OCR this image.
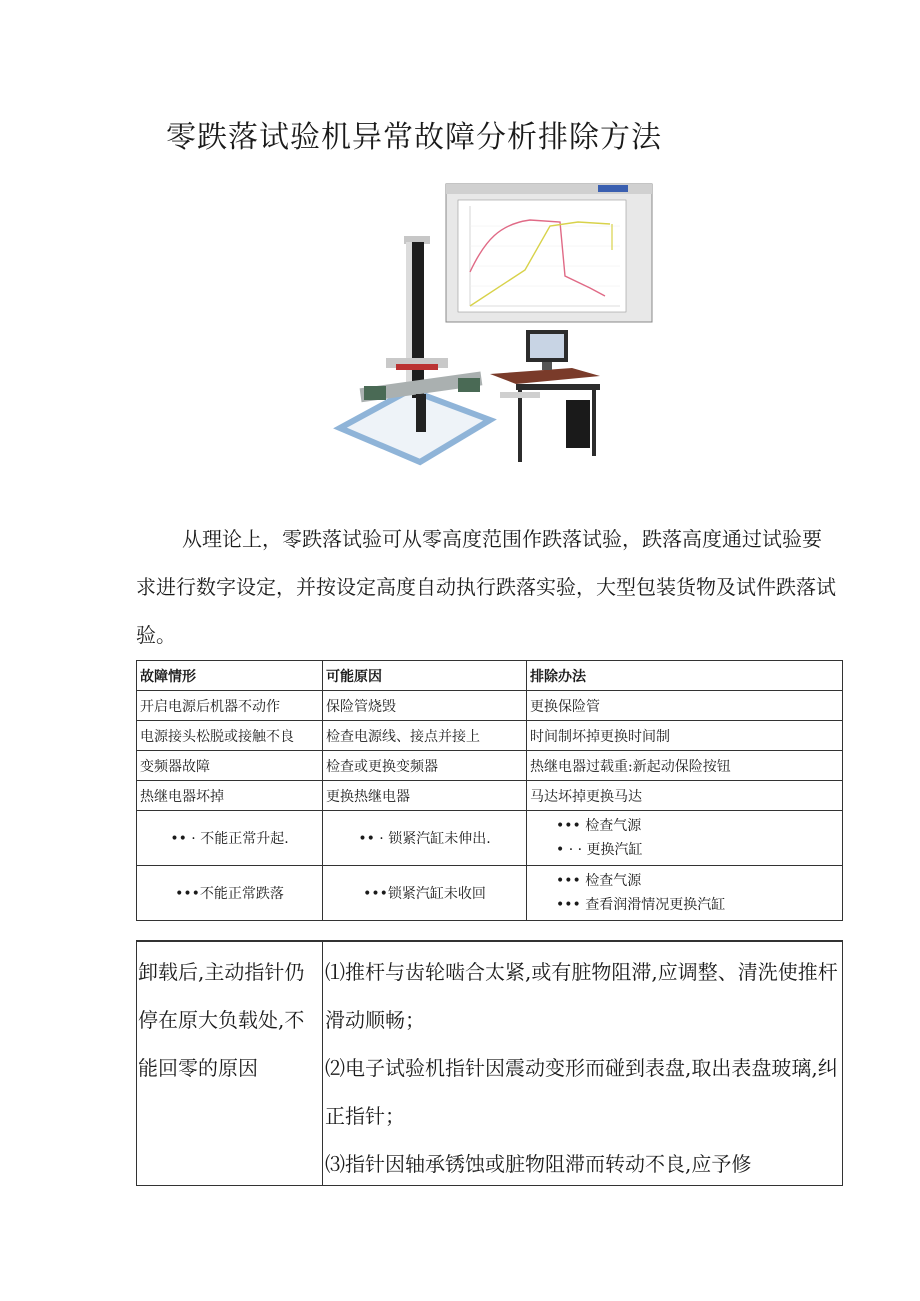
零跌落试验机异常故障分析排除方法

从理论上，零跌落试验可从零高度范围作跌落试验，跌落高度通过试验要求进行数字设定，并按设定高度自动执行跌落实验，大型包装货物及试件跌落试验。

故障情形	可能原因	排除办法
开启电源后机器不动作	保险管烧毁	更换保险管
电源接头松脱或接触不良	检查电源线、接点并接上	时间制坏掉更换时间制
变频器故障	检查或更换变频器	热继电器过载重:新起动保险按钮
热继电器坏掉	更换热继电器	马达坏掉更换马达
•• · 不能正常升起.	•• · 锁紧汽缸未伸出.	••• 检查气源
• · · 更换汽缸

•••不能正常跌落	•••锁紧汽缸未收回	••• 检查气源
••• 查看润滑情况更换汽缸
卸载后,主动指针仍停在原大负载处,不能回零的原因

⑴推杆与齿轮啮合太紧,或有脏物阻滞,应调整、清洗使推杆滑动顺畅；

⑵电子试验机指针因震动变形而碰到表盘,取出表盘玻璃,纠正指针；

⑶指针因轴承锈蚀或脏物阻滞而转动不良,应予修
